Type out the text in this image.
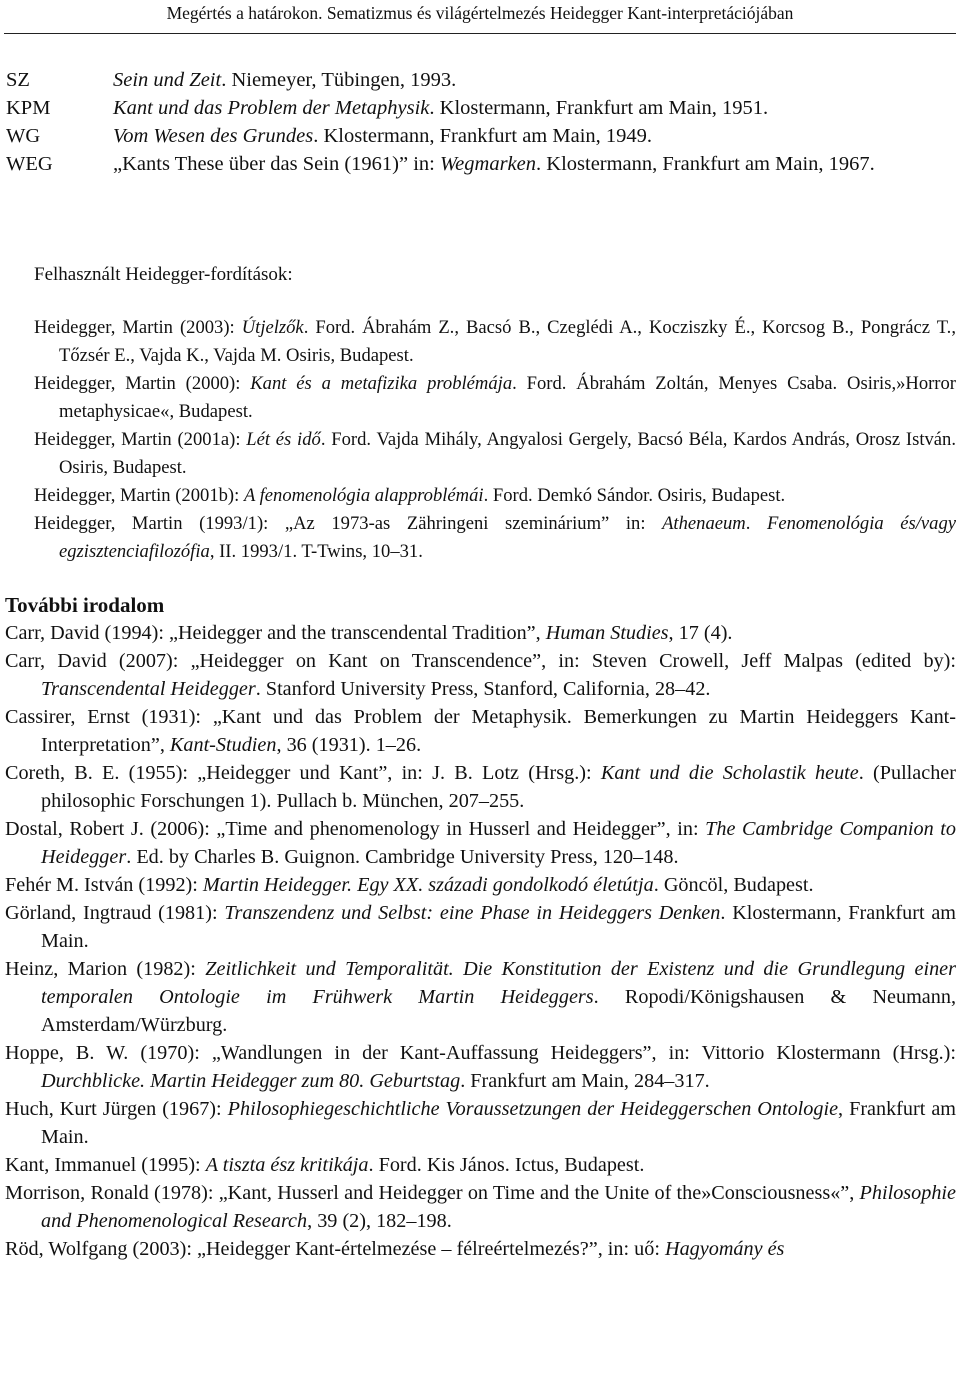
Megértés a határokon. Sematizmus és világértelmezés Heidegger Kant-interpretációjában
SZ	Sein und Zeit. Niemeyer, Tübingen, 1993.
KPM	Kant und das Problem der Metaphysik. Klostermann, Frankfurt am Main, 1951.
WG	Vom Wesen des Grundes. Klostermann, Frankfurt am Main, 1949.
WEG	„Kants These über das Sein (1961)” in: Wegmarken. Klostermann, Frankfurt am Main, 1967.
Felhasznált Heidegger-fordítások:

Heidegger, Martin (2003): Útjelzők. Ford. Ábrahám Z., Bacsó B., Czeglédi A., Kocziszky É., Korcsog B., Pongrácz T., Tőzsér E., Vajda K., Vajda M. Osiris, Budapest.

Heidegger, Martin (2000): Kant és a metafizika problémája. Ford. Ábrahám Zoltán, Menyes Csaba. Osiris,»Horror metaphysicae«, Budapest.

Heidegger, Martin (2001a): Lét és idő. Ford. Vajda Mihály, Angyalosi Gergely, Bacsó Béla, Kardos András, Orosz István. Osiris, Budapest.

Heidegger, Martin (2001b): A fenomenológia alapproblémái. Ford. Demkó Sándor. Osiris, Budapest.

Heidegger, Martin (1993/1): „Az 1973-as Zähringeni szeminárium” in: Athenaeum. Fenomenológia és/vagy egzisztenciafilozófia, II. 1993/1. T-Twins, 10–31.

További irodalom

Carr, David (1994): „Heidegger and the transcendental Tradition”, Human Studies, 17 (4).

Carr, David (2007): „Heidegger on Kant on Transcendence”, in: Steven Crowell, Jeff Malpas (edited by): Transcendental Heidegger. Stanford University Press, Stanford, California, 28–42.

Cassirer, Ernst (1931): „Kant und das Problem der Metaphysik. Bemerkungen zu Martin Heideggers Kant-Interpretation”, Kant-Studien, 36 (1931). 1–26.

Coreth, B. E. (1955): „Heidegger und Kant”, in: J. B. Lotz (Hrsg.): Kant und die Scholastik heute. (Pullacher philosophic Forschungen 1). Pullach b. München, 207–255.

Dostal, Robert J. (2006): „Time and phenomenology in Husserl and Heidegger”, in: The Cambridge Companion to Heidegger. Ed. by Charles B. Guignon. Cambridge University Press, 120–148.

Fehér M. István (1992): Martin Heidegger. Egy XX. századi gondolkodó életútja. Göncöl, Budapest.

Görland, Ingtraud (1981): Transzendenz und Selbst: eine Phase in Heideggers Denken. Klostermann, Frankfurt am Main.

Heinz, Marion (1982): Zeitlichkeit und Temporalität. Die Konstitution der Existenz und die Grundlegung einer temporalen Ontologie im Frühwerk Martin Heideggers. Ropodi/Königshausen & Neumann, Amsterdam/Würzburg.

Hoppe, B. W. (1970): „Wandlungen in der Kant-Auffassung Heideggers”, in: Vittorio Klostermann (Hrsg.): Durchblicke. Martin Heidegger zum 80. Geburtstag. Frankfurt am Main, 284–317.

Huch, Kurt Jürgen (1967): Philosophiegeschichtliche Voraussetzungen der Heideggerschen Ontologie, Frankfurt am Main.

Kant, Immanuel (1995): A tiszta ész kritikája. Ford. Kis János. Ictus, Budapest.

Morrison, Ronald (1978): „Kant, Husserl and Heidegger on Time and the Unite of the»Consciousness«”, Philosophie and Phenomenological Research, 39 (2), 182–198.

Röd, Wolfgang (2003): „Heidegger Kant-értelmezése – félreértelmezés?”, in: uő: Hagyomány és
